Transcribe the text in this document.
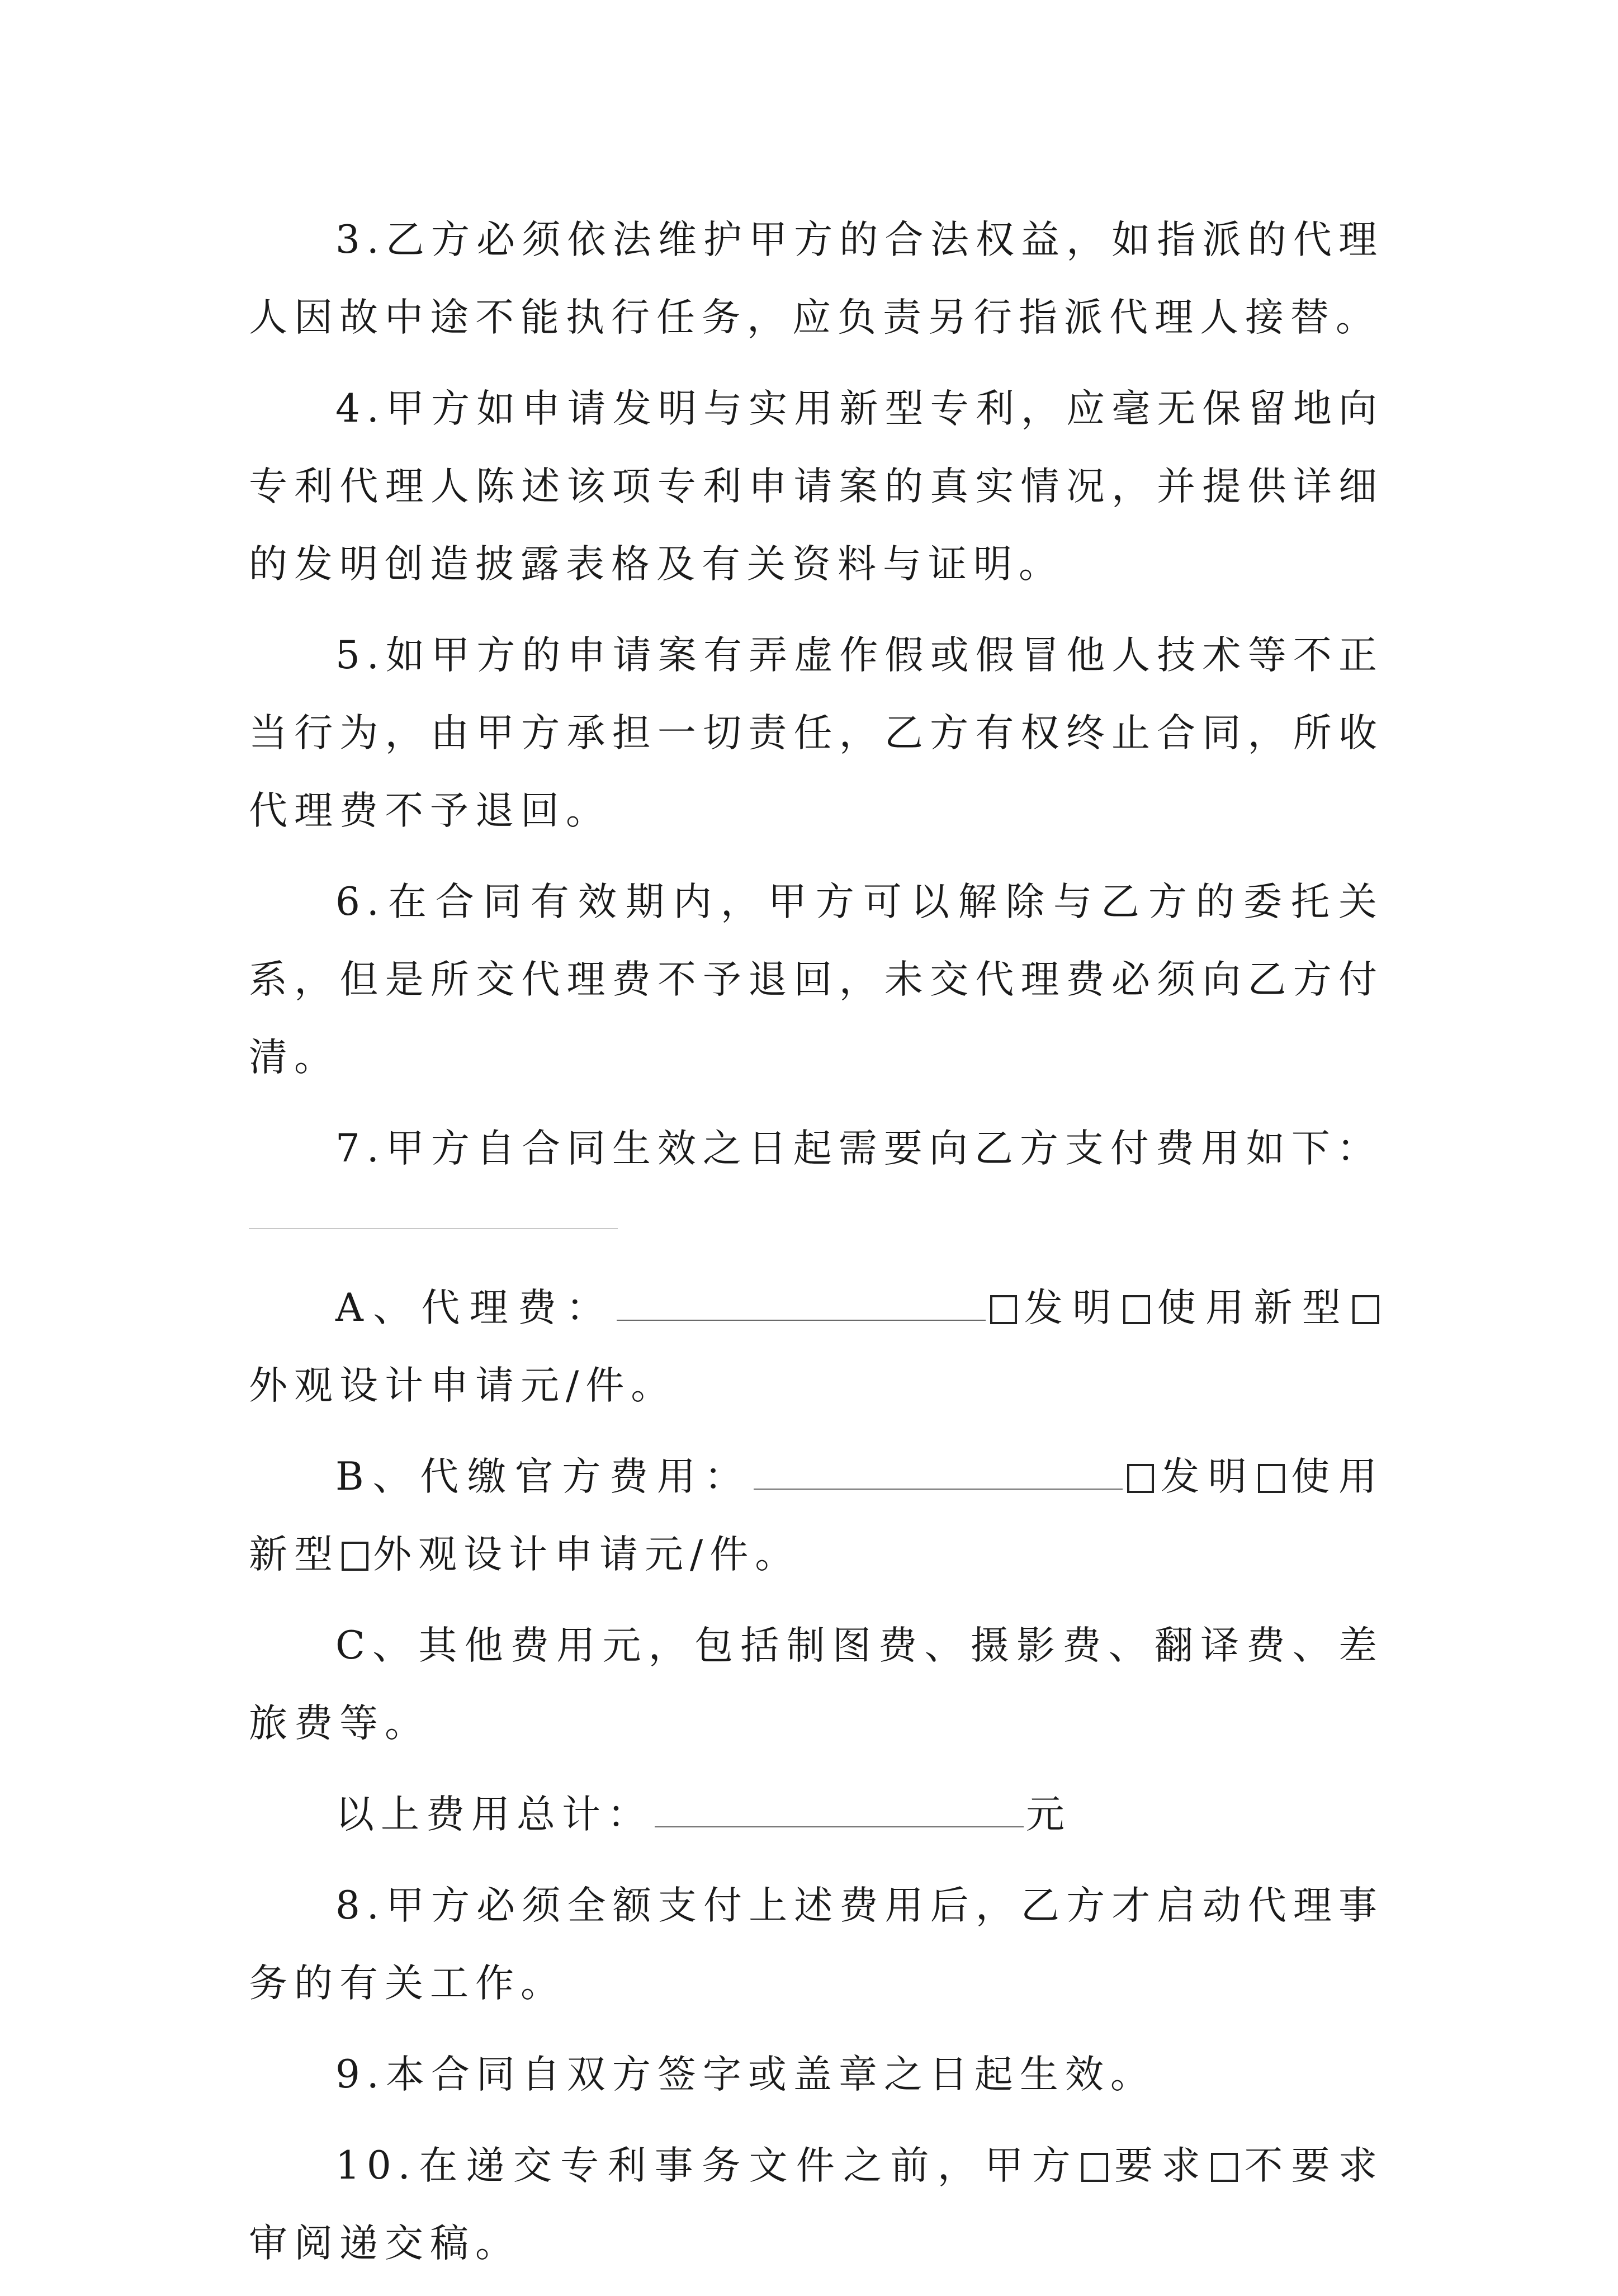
3.乙方必须依法维护甲方的合法权益，如指派的代理人因故中途不能执行任务，应负责另行指派代理人接替。

4.甲方如申请发明与实用新型专利，应毫无保留地向专利代理人陈述该项专利申请案的真实情况，并提供详细的发明创造披露表格及有关资料与证明。

5.如甲方的申请案有弄虚作假或假冒他人技术等不正当行为，由甲方承担一切责任，乙方有权终止合同，所收代理费不予退回。

6.在合同有效期内，甲方可以解除与乙方的委托关系，但是所交代理费不予退回，未交代理费必须向乙方付清。

7.甲方自合同生效之日起需要向乙方支付费用如下：

A、代理费：	发明 使用新型外观设计申请元/件。

B、代缴官方费用：	发明 使用新型 外观设计申请元/件。

C、其他费用元，包括制图费、摄影费、翻译费、差旅费等。

以上费用总计：	元

8.甲方必须全额支付上述费用后，乙方才启动代理事务的有关工作。

9.本合同自双方签字或盖章之日起生效。

10.在递交专利事务文件之前，甲方 要求 不要求审阅递交稿。
